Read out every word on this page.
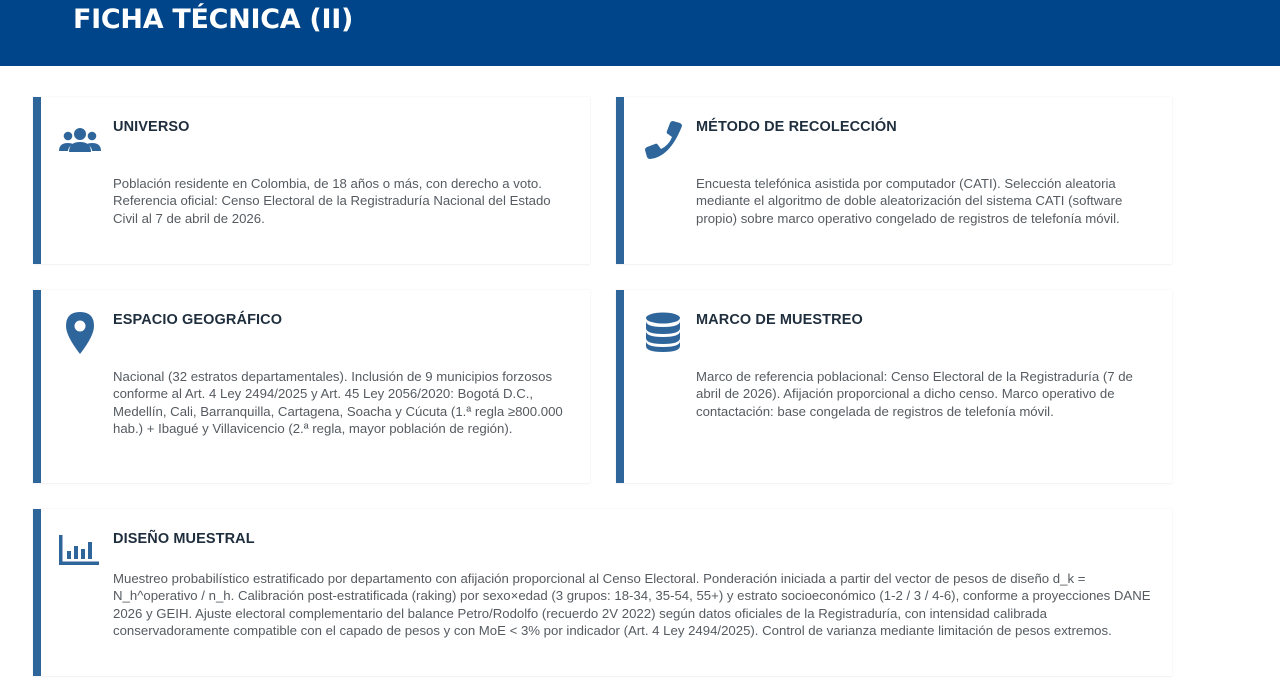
FICHA TÉCNICA (II)
UNIVERSO
Población residente en Colombia, de 18 años o más, con derecho a voto. Referencia oficial: Censo Electoral de la Registraduría Nacional del Estado Civil al 7 de abril de 2026.
MÉTODO DE RECOLECCIÓN
Encuesta telefónica asistida por computador (CATI). Selección aleatoria mediante el algoritmo de doble aleatorización del sistema CATI (software propio) sobre marco operativo congelado de registros de telefonía móvil.
ESPACIO GEOGRÁFICO
Nacional (32 estratos departamentales). Inclusión de 9 municipios forzosos conforme al Art. 4 Ley 2494/2025 y Art. 45 Ley 2056/2020: Bogotá D.C., Medellín, Cali, Barranquilla, Cartagena, Soacha y Cúcuta (1.ª regla ≥800.000 hab.) + Ibagué y Villavicencio (2.ª regla, mayor población de región).
MARCO DE MUESTREO
Marco de referencia poblacional: Censo Electoral de la Registraduría (7 de abril de 2026). Afijación proporcional a dicho censo. Marco operativo de contactación: base congelada de registros de telefonía móvil.
DISEÑO MUESTRAL
Muestreo probabilístico estratificado por departamento con afijación proporcional al Censo Electoral. Ponderación iniciada a partir del vector de pesos de diseño d_k = N_h^operativo / n_h. Calibración post-estratificada (raking) por sexo×edad (3 grupos: 18-34, 35-54, 55+) y estrato socioeconómico (1-2 / 3 / 4-6), conforme a proyecciones DANE 2026 y GEIH. Ajuste electoral complementario del balance Petro/Rodolfo (recuerdo 2V 2022) según datos oficiales de la Registraduría, con intensidad calibrada conservadoramente compatible con el capado de pesos y con MoE < 3% por indicador (Art. 4 Ley 2494/2025). Control de varianza mediante limitación de pesos extremos.
